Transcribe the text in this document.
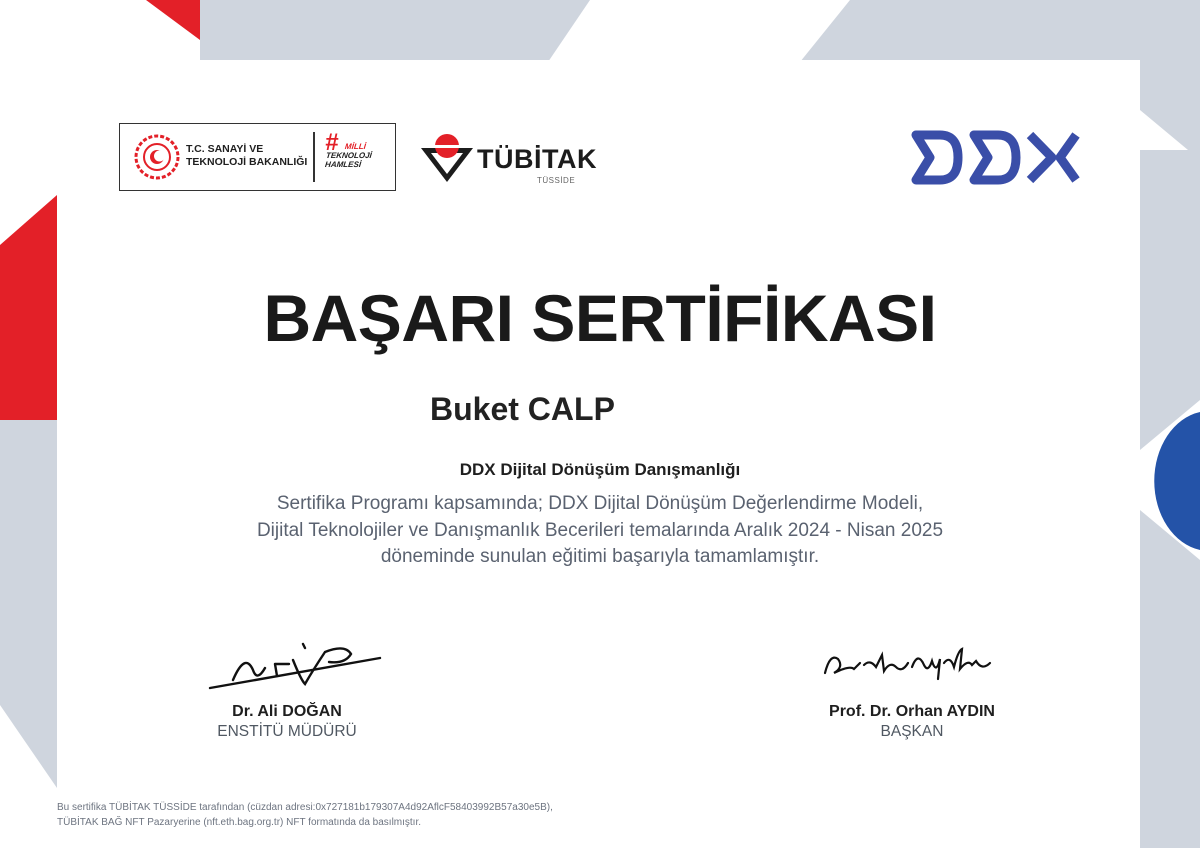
T.C. SANAYİ VE
TEKNOLOJİ BAKANLIĞI
# MİLLİ
TEKNOLOJİ
HAMLESİ	TÜBİTAK
TÜSSİDE
BAŞARI SERTİFİKASI
Buket CALP
DDX Dijital Dönüşüm Danışmanlığı
Sertifika Programı kapsamında; DDX Dijital Dönüşüm Değerlendirme Modeli,
Dijital Teknolojiler ve Danışmanlık Becerileri temalarında Aralık 2024 - Nisan 2025
döneminde sunulan eğitimi başarıyla tamamlamıştır.
Dr. Ali DOĞAN
ENSTİTÜ MÜDÜRÜ
Prof. Dr. Orhan AYDIN
BAŞKAN
Bu sertifika TÜBİTAK TÜSSİDE tarafından (cüzdan adresi:0x727181b179307A4d92AflcF58403992B57a30e5B),
TÜBİTAK BAĞ NFT Pazaryerine (nft.eth.bag.org.tr) NFT formatında da basılmıştır.
